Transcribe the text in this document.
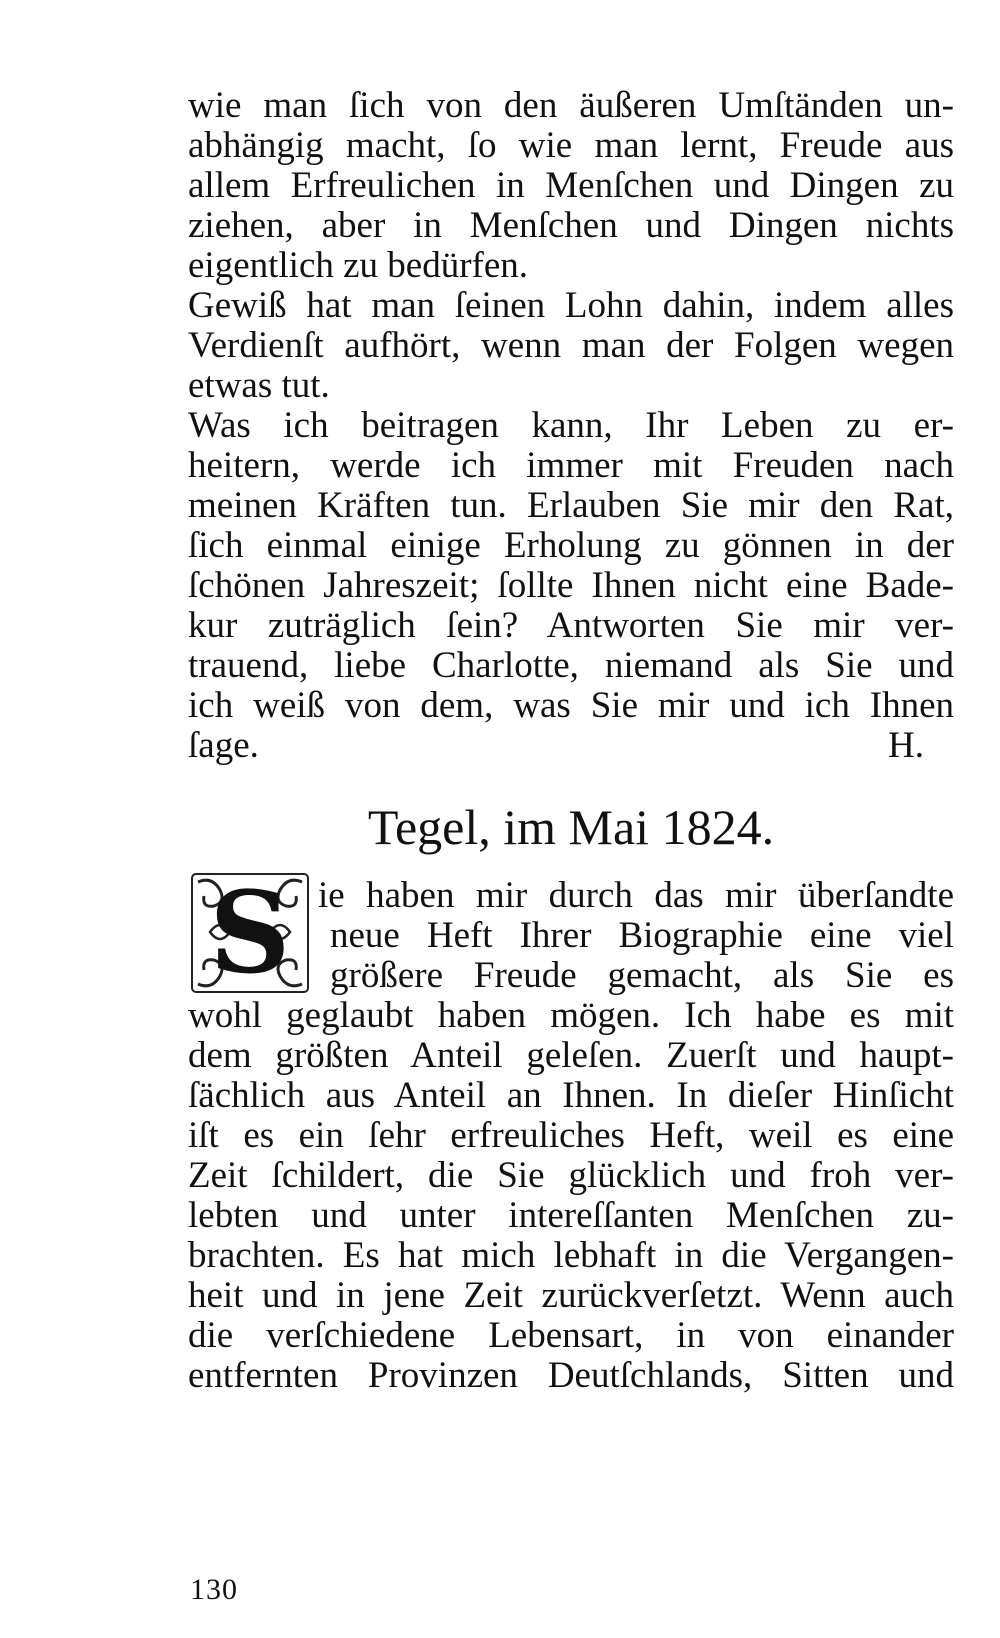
wie man ſich von den äußeren Umſtänden un-
abhängig macht, ſo wie man lernt, Freude aus
allem Erfreulichen in Menſchen und Dingen zu
ziehen, aber in Menſchen und Dingen nichts
eigentlich zu bedürfen.
Gewiß hat man ſeinen Lohn dahin, indem alles
Verdienſt aufhört, wenn man der Folgen wegen
etwas tut.
Was ich beitragen kann, Ihr Leben zu er-
heitern, werde ich immer mit Freuden nach
meinen Kräften tun. Erlauben Sie mir den Rat,
ſich einmal einige Erholung zu gönnen in der
ſchönen Jahreszeit; ſollte Ihnen nicht eine Bade-
kur zuträglich ſein? Antworten Sie mir ver-
trauend, liebe Charlotte, niemand als Sie und
ich weiß von dem, was Sie mir und ich Ihnen
ſage.	H.
Tegel, im Mai 1824.
S ie haben mir durch das mir überſandte
neue Heft Ihrer Biographie eine viel
größere Freude gemacht, als Sie es
wohl geglaubt haben mögen. Ich habe es mit
dem größten Anteil geleſen. Zuerſt und haupt-
ſächlich aus Anteil an Ihnen. In dieſer Hinſicht
iſt es ein ſehr erfreuliches Heft, weil es eine
Zeit ſchildert, die Sie glücklich und froh ver-
lebten und unter intereſſanten Menſchen zu-
brachten. Es hat mich lebhaft in die Vergangen-
heit und in jene Zeit zurückverſetzt. Wenn auch
die verſchiedene Lebensart, in von einander
entfernten Provinzen Deutſchlands, Sitten und
130
